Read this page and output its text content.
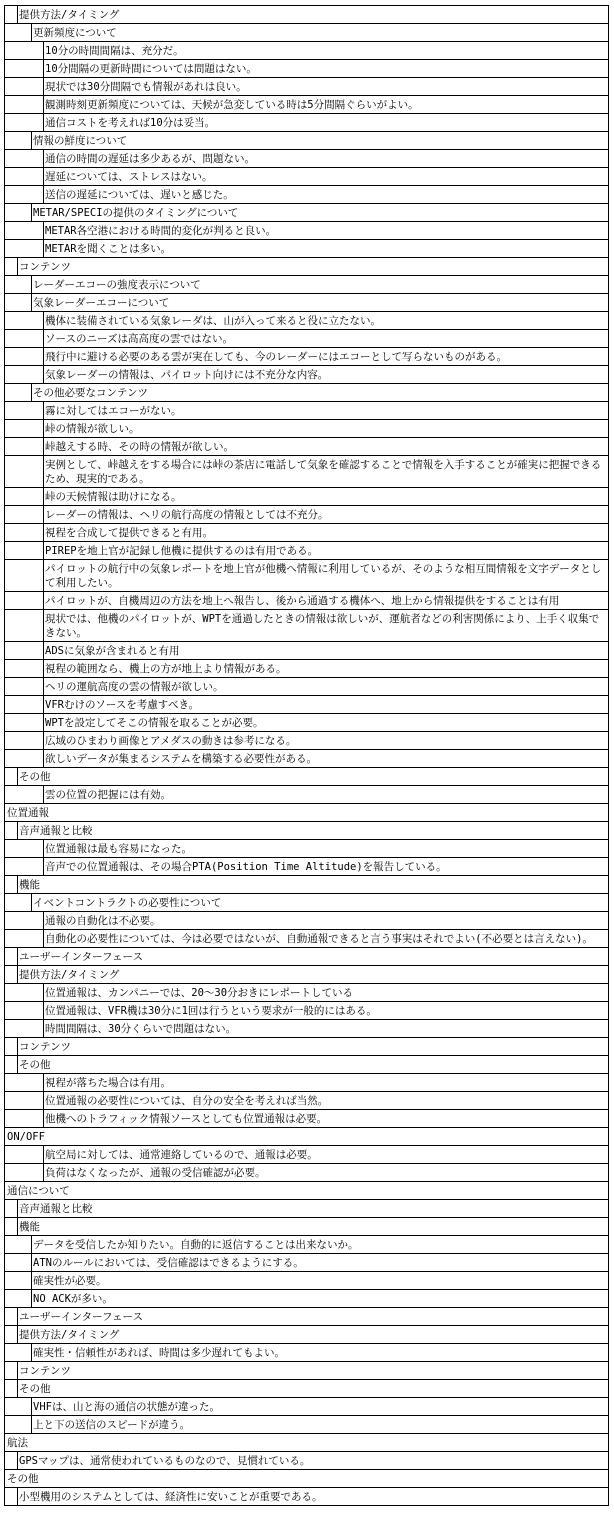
提供方法/タイミング
更新頻度について
10分の時間間隔は、充分だ。
10分間隔の更新時間については問題はない。
現状では30分間隔でも情報があれは良い。
観測時刻更新頻度については、天候が急変している時は5分間隔ぐらいがよい。
通信コストを考えれば10分は妥当。
情報の鮮度について
通信の時間の遅延は多少あるが、問題ない。
遅延については、ストレスはない。
送信の遅延については、遅いと感じた。
METAR/SPECIの提供のタイミングについて
METAR各空港における時間的変化が判ると良い。
METARを聞くことは多い。
コンテンツ
レーダーエコーの強度表示について
気象レーダーエコーについて
機体に装備されている気象レーダは、山が入って来ると役に立たない。
ソースのニーズは高高度の雲ではない。
飛行中に避ける必要のある雲が実在しても、今のレーダーにはエコーとして写らないものがある。
気象レーダーの情報は、パイロット向けには不充分な内容。
その他必要なコンテンツ
霧に対してはエコーがない。
峠の情報が欲しい。
峠越えする時、その時の情報が欲しい。
実例として、峠越えをする場合には峠の茶店に電話して気象を確認することで情報を入手することが確実に把握できるため、現実的である。
峠の天候情報は助けになる。
レーダーの情報は、ヘリの航行高度の情報としては不充分。
視程を合成して提供できると有用。
PIREPを地上官が記録し他機に提供するのは有用である。
パイロットの航行中の気象レポートを地上官が他機へ情報に利用しているが、そのような相互間情報を文字データとして利用したい。
パイロットが、自機周辺の方法を地上へ報告し、後から通過する機体へ、地上から情報提供をすることは有用
現状では、他機のパイロットが、WPTを通過したときの情報は欲しいが、運航者などの利害関係により、上手く収集できない。
ADSに気象が含まれると有用
視程の範囲なら、機上の方が地上より情報がある。
ヘリの運航高度の雲の情報が欲しい。
VFRむけのソースを考慮すべき。
WPTを設定してそこの情報を取ることが必要。
広域のひまわり画像とアメダスの動きは参考になる。
欲しいデータが集まるシステムを構築する必要性がある。
その他
雲の位置の把握には有効。
位置通報
音声通報と比較
位置通報は最も容易になった。
音声での位置通報は、その場合PTA(Position Time Altitude)を報告している。
機能
イベントコントラクトの必要性について
通報の自動化は不必要。
自動化の必要性については、今は必要ではないが、自動通報できると言う事実はそれでよい(不必要とは言えない)。
ユーザーインターフェース
提供方法/タイミング
位置通報は、カンパニーでは、20～30分おきにレポートしている
位置通報は、VFR機は30分に1回は行うという要求が一般的にはある。
時間間隔は、30分くらいで問題はない。
コンテンツ
その他
視程が落ちた場合は有用。
位置通報の必要性については、自分の安全を考えれば当然。
他機へのトラフィック情報ソースとしても位置通報は必要。
ON/OFF
航空局に対しては、通常連絡しているので、通報は必要。
負荷はなくなったが、通報の受信確認が必要。
通信について
音声通報と比較
機能
データを受信したか知りたい。自動的に返信することは出来ないか。
ATNのルールにおいては、受信確認はできるようにする。
確実性が必要。
NO ACKが多い。
ユーザーインターフェース
提供方法/タイミング
確実性・信頼性があれば、時間は多少遅れてもよい。
コンテンツ
その他
VHFは、山と海の通信の状態が違った。
上と下の送信のスピードが違う。
航法
GPSマップは、通常使われているものなので、見慣れている。
その他
小型機用のシステムとしては、経済性に安いことが重要である。
